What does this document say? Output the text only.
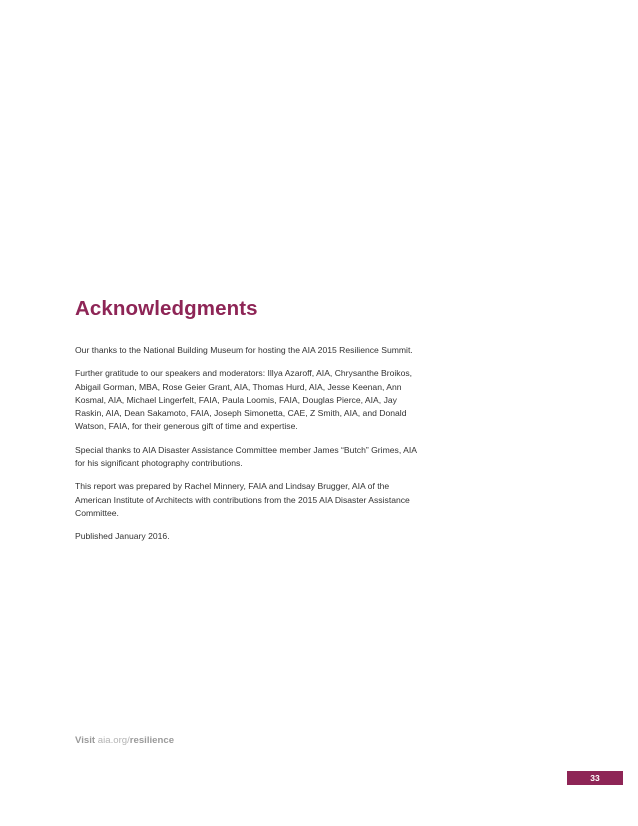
Acknowledgments

Our thanks to the National Building Museum for hosting the AIA 2015 Resilience Summit.

Further gratitude to our speakers and moderators: Illya Azaroff, AIA, Chrysanthe Broikos, Abigail Gorman, MBA, Rose Geier Grant, AIA, Thomas Hurd, AIA, Jesse Keenan, Ann Kosmal, AIA, Michael Lingerfelt, FAIA, Paula Loomis, FAIA, Douglas Pierce, AIA, Jay Raskin, AIA, Dean Sakamoto, FAIA, Joseph Simonetta, CAE, Z Smith, AIA, and Donald Watson, FAIA, for their generous gift of time and expertise.

Special thanks to AIA Disaster Assistance Committee member James “Butch” Grimes, AIA for his significant photography contributions.

This report was prepared by Rachel Minnery, FAIA and Lindsay Brugger, AIA of the American Institute of Architects with contributions from the 2015 AIA Disaster Assistance Committee.

Published January 2016.

Visit aia.org/resilience
33
